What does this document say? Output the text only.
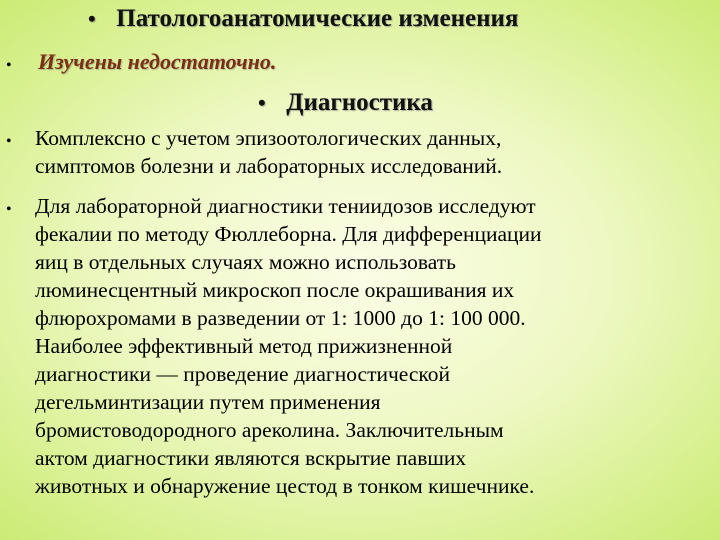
• Патологоанатомические изменения
• Изучены недостаточно.
• Диагностика
• Комплексно с учетом эпизоотологических данных,
симптомов болезни и лабораторных исследований.
• Для лабораторной диагностики тениидозов исследуют
фекалии по методу Фюллеборна. Для дифференциации
яиц в отдельных случаях можно использовать
люминесцентный микроскоп после окрашивания их
флюрохромами в разведении от 1: 1000 до 1: 100 000.
Наиболее эффективный метод прижизненной
диагностики — проведение диагностической
дегельминтизации путем применения
бромистоводородного ареколина. Заключительным
актом диагностики являются вскрытие павших
животных и обнаружение цестод в тонком кишечнике.
